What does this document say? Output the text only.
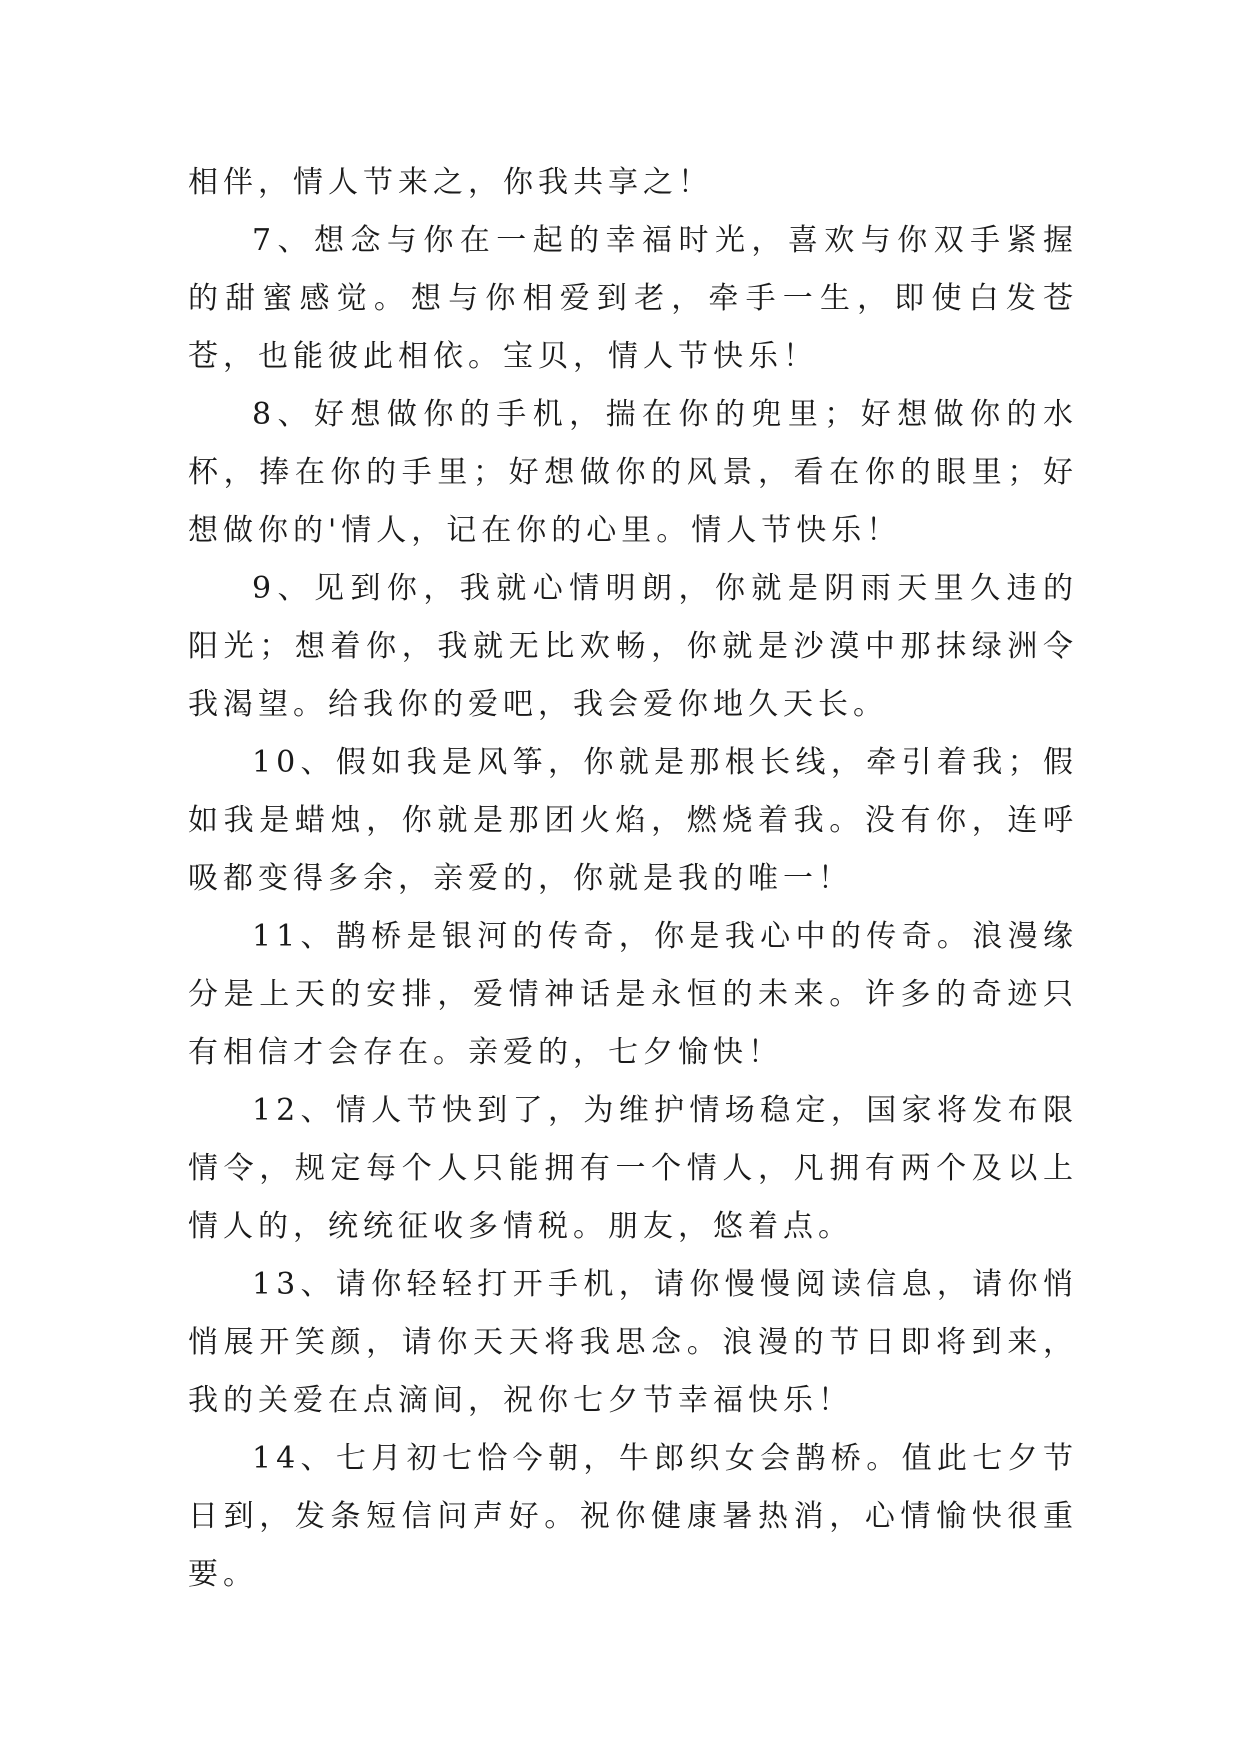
相伴，情人节来之，你我共享之！

7、想念与你在一起的幸福时光，喜欢与你双手紧握的甜蜜感觉。想与你相爱到老，牵手一生，即使白发苍苍，也能彼此相依。宝贝，情人节快乐！

8、好想做你的手机，揣在你的兜里；好想做你的水杯，捧在你的手里；好想做你的风景，看在你的眼里；好想做你的'情人，记在你的心里。情人节快乐！

9、见到你，我就心情明朗，你就是阴雨天里久违的阳光；想着你，我就无比欢畅，你就是沙漠中那抹绿洲令我渴望。给我你的爱吧，我会爱你地久天长。

10、假如我是风筝，你就是那根长线，牵引着我；假如我是蜡烛，你就是那团火焰，燃烧着我。没有你，连呼吸都变得多余，亲爱的，你就是我的唯一！

11、鹊桥是银河的传奇，你是我心中的传奇。浪漫缘分是上天的安排，爱情神话是永恒的未来。许多的奇迹只有相信才会存在。亲爱的，七夕愉快！

12、情人节快到了，为维护情场稳定，国家将发布限情令，规定每个人只能拥有一个情人，凡拥有两个及以上情人的，统统征收多情税。朋友，悠着点。

13、请你轻轻打开手机，请你慢慢阅读信息，请你悄悄展开笑颜，请你天天将我思念。浪漫的节日即将到来，我的关爱在点滴间，祝你七夕节幸福快乐！

14、七月初七恰今朝，牛郎织女会鹊桥。值此七夕节日到，发条短信问声好。祝你健康暑热消，心情愉快很重要。
